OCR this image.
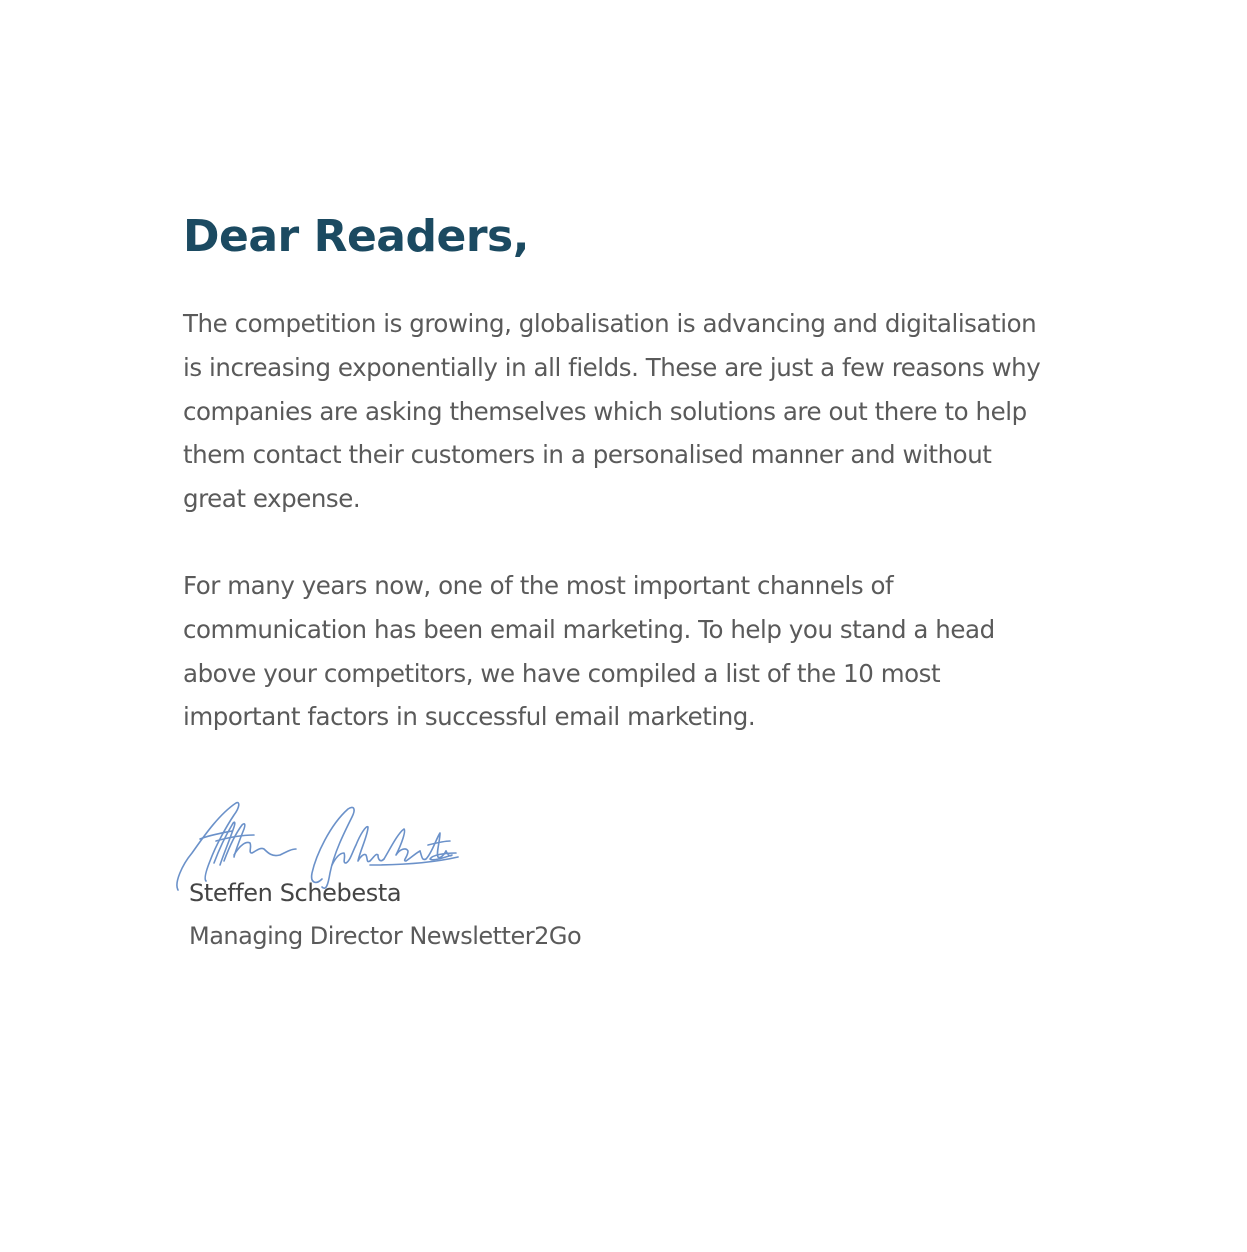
Dear Readers,

The competition is growing, globalisation is advancing and digitalisation
is increasing exponentially in all fields. These are just a few reasons why
companies are asking themselves which solutions are out there to help
them contact their customers in a personalised manner and without
great expense.

For many years now, one of the most important channels of
communication has been email marketing. To help you stand a head
above your competitors, we have compiled a list of the 10 most
important factors in successful email marketing.

Steffen Schebesta
Managing Director Newsletter2Go
